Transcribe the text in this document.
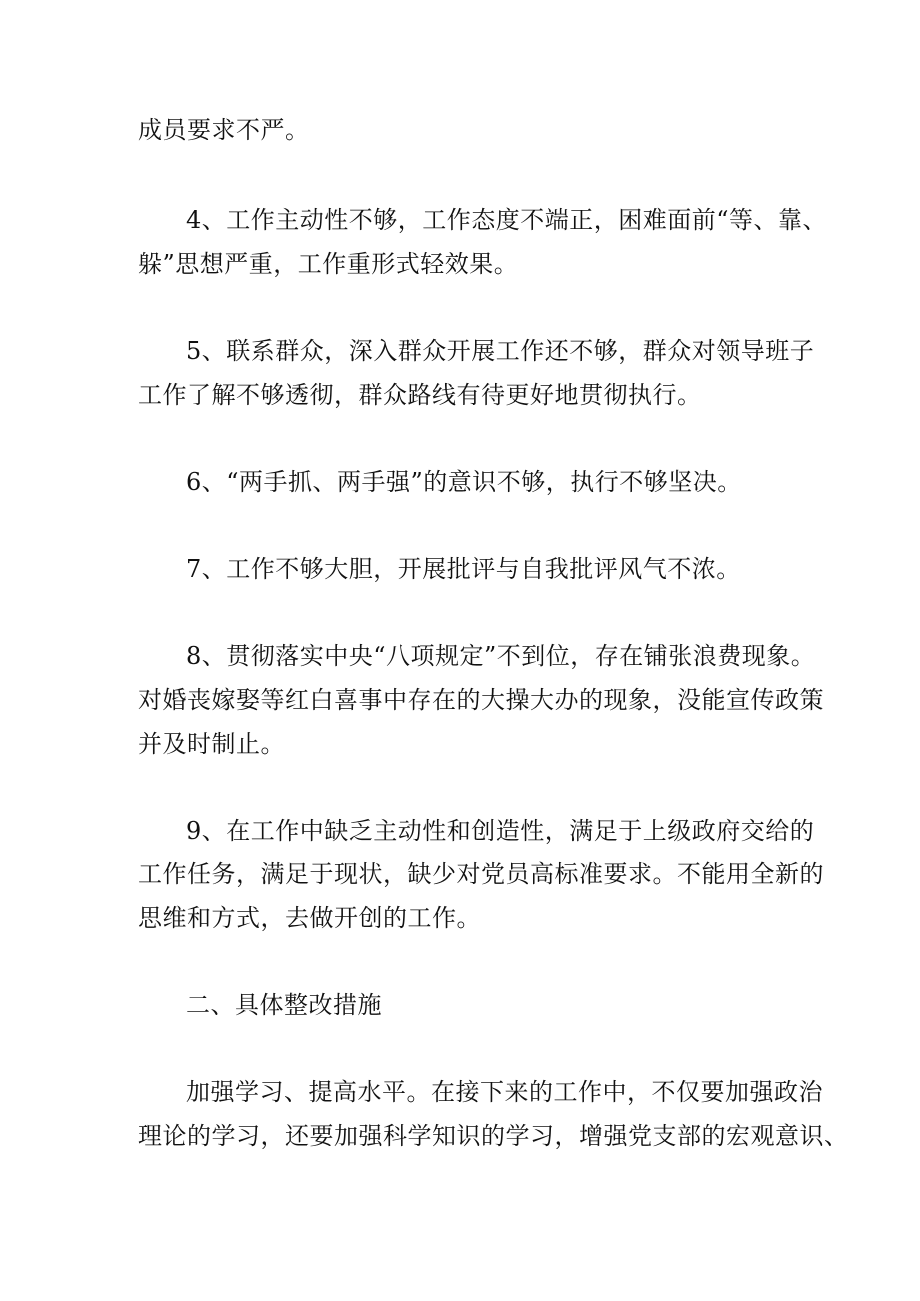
成员要求不严。
4、工作主动性不够，工作态度不端正，困难面前“等、靠、
躲”思想严重，工作重形式轻效果。
5、联系群众，深入群众开展工作还不够，群众对领导班子
工作了解不够透彻，群众路线有待更好地贯彻执行。
6、“两手抓、两手强”的意识不够，执行不够坚决。
7、工作不够大胆，开展批评与自我批评风气不浓。
8、贯彻落实中央“八项规定”不到位，存在铺张浪费现象。
对婚丧嫁娶等红白喜事中存在的大操大办的现象，没能宣传政策
并及时制止。
9、在工作中缺乏主动性和创造性，满足于上级政府交给的
工作任务，满足于现状，缺少对党员高标准要求。不能用全新的
思维和方式，去做开创的工作。
二、具体整改措施
加强学习、提高水平。在接下来的工作中，不仅要加强政治
理论的学习，还要加强科学知识的学习，增强党支部的宏观意识、
